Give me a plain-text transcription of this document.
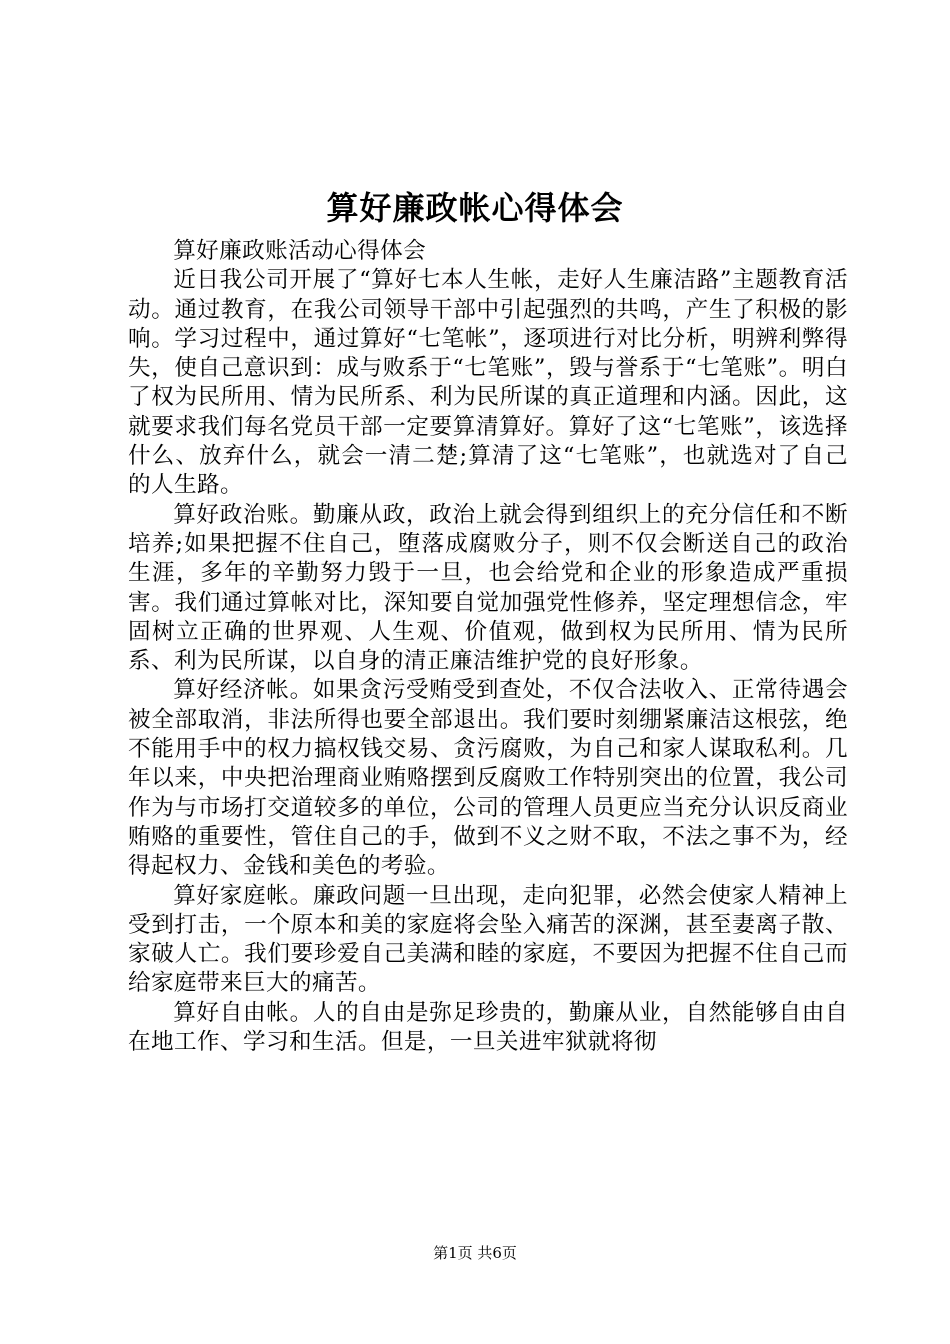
算好廉政帐心得体会

算好廉政账活动心得体会

近日我公司开展了“算好七本人生帐，走好人生廉洁路”主题教育活动。通过教育，在我公司领导干部中引起强烈的共鸣，产生了积极的影响。学习过程中，通过算好“七笔帐”，逐项进行对比分析，明辨利弊得失，使自己意识到：成与败系于“七笔账”，毁与誉系于“七笔账”。明白了权为民所用、情为民所系、利为民所谋的真正道理和内涵。因此，这就要求我们每名党员干部一定要算清算好。算好了这“七笔账”，该选择什么、放弃什么，就会一清二楚;算清了这“七笔账”，也就选对了自己的人生路。

算好政治账。勤廉从政，政治上就会得到组织上的充分信任和不断培养;如果把握不住自己，堕落成腐败分子，则不仅会断送自己的政治生涯，多年的辛勤努力毁于一旦，也会给党和企业的形象造成严重损害。我们通过算帐对比，深知要自觉加强党性修养，坚定理想信念，牢固树立正确的世界观、人生观、价值观，做到权为民所用、情为民所系、利为民所谋，以自身的清正廉洁维护党的良好形象。

算好经济帐。如果贪污受贿受到查处，不仅合法收入、正常待遇会被全部取消，非法所得也要全部退出。我们要时刻绷紧廉洁这根弦，绝不能用手中的权力搞权钱交易、贪污腐败，为自己和家人谋取私利。几年以来，中央把治理商业贿赂摆到反腐败工作特别突出的位置，我公司作为与市场打交道较多的单位，公司的管理人员更应当充分认识反商业贿赂的重要性，管住自己的手，做到不义之财不取，不法之事不为，经得起权力、金钱和美色的考验。

算好家庭帐。廉政问题一旦出现，走向犯罪，必然会使家人精神上受到打击，一个原本和美的家庭将会坠入痛苦的深渊，甚至妻离子散、家破人亡。我们要珍爱自己美满和睦的家庭，不要因为把握不住自己而给家庭带来巨大的痛苦。

算好自由帐。人的自由是弥足珍贵的，勤廉从业，自然能够自由自在地工作、学习和生活。但是，一旦关进牢狱就将彻

第1页 共6页
